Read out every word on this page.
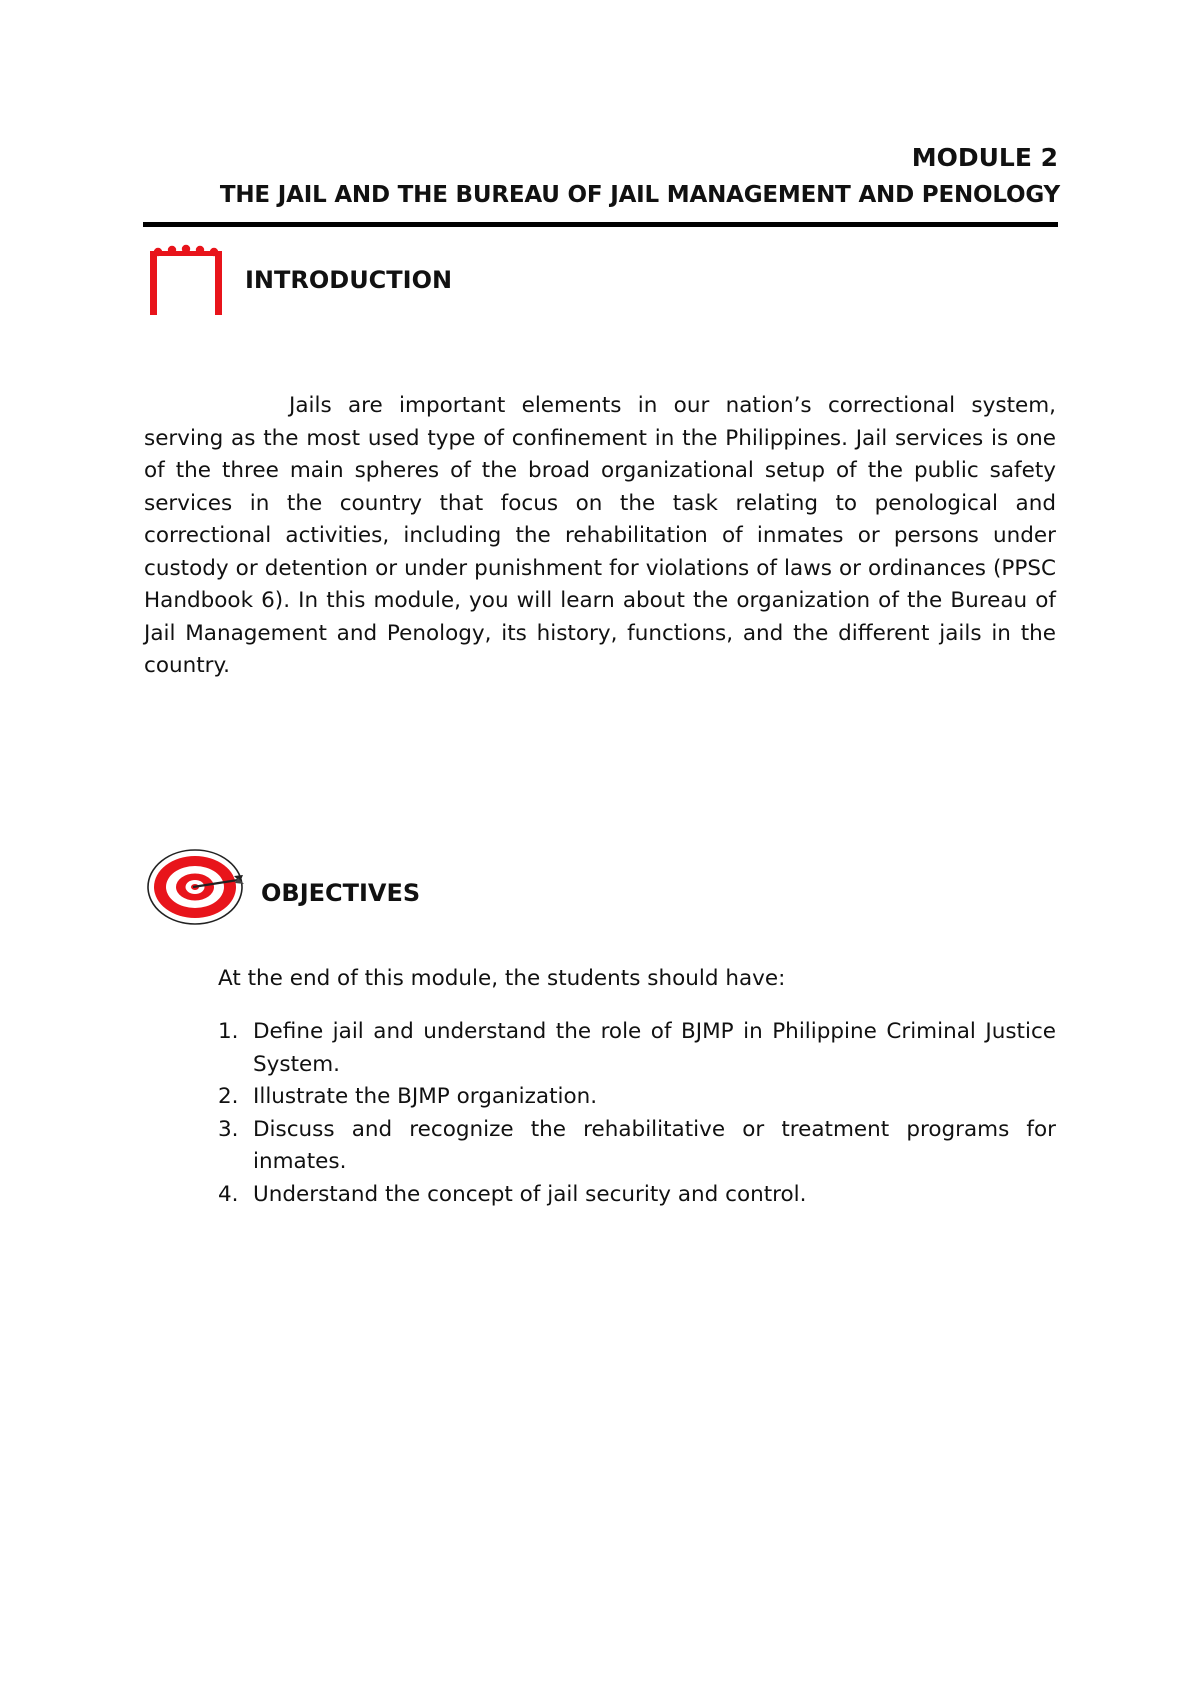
MODULE 2
THE JAIL AND THE BUREAU OF JAIL MANAGEMENT AND PENOLOGY
INTRODUCTION

Jails are important elements in our nation’s correctional system, serving as the most used type of confinement in the Philippines. Jail services is one of the three main spheres of the broad organizational setup of the public safety services in the country that focus on the task relating to penological and correctional activities, including the rehabilitation of inmates or persons under custody or detention or under punishment for violations of laws or ordinances (PPSC Handbook 6). In this module, you will learn about the organization of the Bureau of Jail Management and Penology, its history, functions, and the different jails in the country.

OBJECTIVES

At the end of this module, the students should have:

1. Define jail and understand the role of BJMP in Philippine Criminal Justice System.
2. Illustrate the BJMP organization.
3. Discuss and recognize the rehabilitative or treatment programs for inmates.
4. Understand the concept of jail security and control.
